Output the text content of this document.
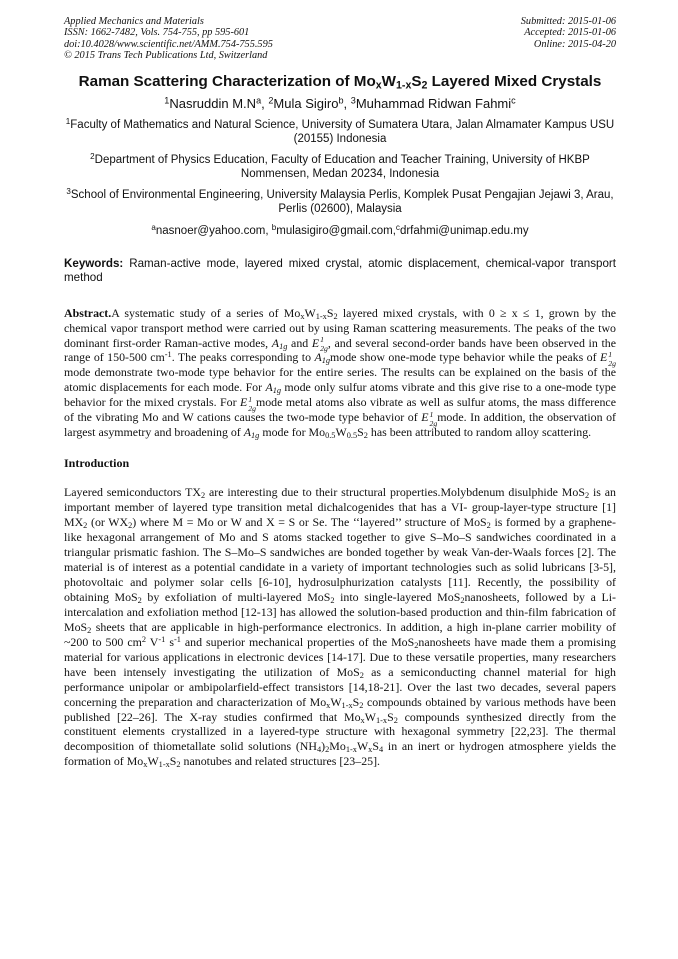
Applied Mechanics and Materials
ISSN: 1662-7482, Vols. 754-755, pp 595-601
doi:10.4028/www.scientific.net/AMM.754-755.595
© 2015 Trans Tech Publications Ltd, Switzerland
Submitted: 2015-01-06
Accepted: 2015-01-06
Online: 2015-04-20
Raman Scattering Characterization of $Mo_xW_{1-x}S_2$ Layered Mixed Crystals
$^1$Nasruddin $M.N^a$, $^2$Mula Sigiro$^b$, $^3$Muhammad Ridwan Fahmi$^c$
$^1$Faculty of Mathematics and Natural Science, University of Sumatera Utara, Jalan Almamater Kampus USU (20155) Indonesia
$^2$Department of Physics Education, Faculty of Education and Teacher Training, University of HKBP Nommensen, Medan 20234, Indonesia
$^3$School of Environmental Engineering, University Malaysia Perlis, Komplek Pusat Pengajian Jejawi 3, Arau, Perlis (02600), Malaysia
$^a$nasnoer@yahoo.com, $^b$mulasigiro@gmail.com,$^c$drfahmi@unimap.edu.my
Keywords: Raman-active mode, layered mixed crystal, atomic displacement, chemical-vapor transport method
Abstract.A systematic study of a series of $Mo_xW_{1-x}S_2$ layered mixed crystals, with 0 ≥ x ≤ 1, grown by the chemical vapor transport method were carried out by using Raman scattering measurements. The peaks of the two dominant first-order Raman-active modes, $A_{1g}$ and E 1
2g , and several second-order bands have been observed in the range of 150-500 $cm^{-1}$. The peaks corresponding to $A_{1g}mode$ show one-mode type behavior while the peaks of E 1
2g
mode demonstrate two-mode type behavior for the entire series. The results can be explained on the basis of the atomic displacements for each mode. For $A_{1g}$ mode only sulfur atoms vibrate and this give rise to a one-mode type behavior for the mixed crystals. For E 1
2g mode metal atoms also vibrate as well as sulfur atoms, the mass difference of the vibrating Mo and W cations causes the two-mode type behavior of E 1
2g mode. In addition, the observation of largest asymmetry and broadening of $A_{1g}$ mode for $Mo_{0.5}W_{0.5}S_2$ has been attributed to random alloy scattering.
Introduction
Layered semiconductors $TX_2$ are interesting due to their structural properties.Molybdenum disulphide MoS$_2$ is an important member of layered type transition metal dichalcogenides that has a VI- group-layer-type structure [1] $MX_2$ (or $WX_2$) where M = Mo or W and X = S or Se. The ‘‘layered’’ structure of MoS$_2$ is formed by a graphene-like hexagonal arrangement of Mo and S atoms stacked together to give S–Mo–S sandwiches coordinated in a triangular prismatic fashion. The S–Mo–S sandwiches are bonded together by weak Van-der-Waals forces [2]. The material is of interest as a potential candidate in a variety of important technologies such as solid lubricans [3-5], photovoltaic and polymer solar cells [6-10], hydrosulphurization catalysts [11]. Recently, the possibility of obtaining MoS$_2$ by exfoliation of multi-layered MoS$_2$ into single-layered MoS$_2$nanosheets, followed by a Li-intercalation and exfoliation method [12-13] has allowed the solution-based production and thin-film fabrication of MoS$_2$ sheets that are applicable in high-performance electronics. In addition, a high in-plane carrier mobility of ~200 to 500 $cm^2$ $V^{-1}$ $s^{-1}$ and superior mechanical properties of the MoS$_2$nanosheets have made them a promising material for various applications in electronic devices [14-17]. Due to these versatile properties, many researchers have been intensely investigating the utilization of MoS$_2$ as a semiconducting channel material for high performance unipolar or ambipolarfield-effect transistors [14,18-21]. Over the last two decades, several papers concerning the preparation and characterization of $Mo_xW_{1-x}S_2$ compounds obtained by various methods have been published [22–26]. The X-ray studies confirmed that $Mo_xW_{1-x}S_2$ compounds synthesized directly from the constituent elements crystallized in a layered-type structure with hexagonal symmetry [22,23]. The thermal decomposition of thiometallate solid solutions $(NH_4)_2Mo_{1-x}W_xS_4$ in an inert or hydrogen atmosphere yields the formation of $Mo_xW_{1-x}S_2$ nanotubes and related structures [23–25].
